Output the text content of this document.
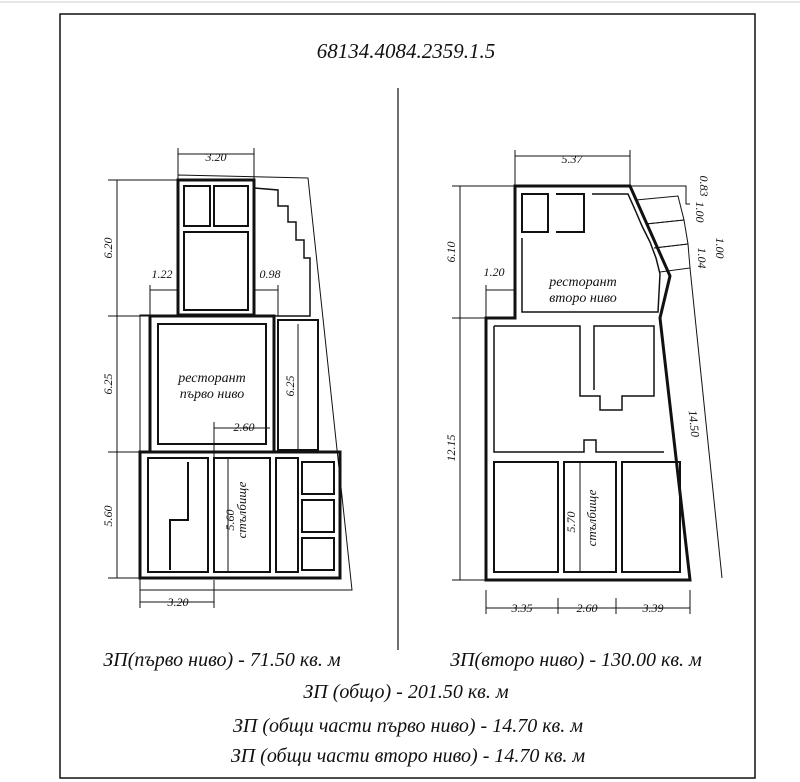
68134.4084.2359.1.5
ресторант
първо ниво
стълбище
3.20
6.20
1.22	0.98
6.25	6.25
2.60
5.60	5.60
3.20
ресторант
второ ниво
стълбище
5.37
0.83
1.00
1.04 1.00
6.10
1.20
12.15
14.50
5.70
3.35	2.60	3.39
ЗП(първо ниво) - 71.50 кв. м	ЗП(второ ниво) - 130.00 кв. м
ЗП (общо) - 201.50 кв. м
ЗП (общи части първо ниво) - 14.70 кв. м
ЗП (общи части второ ниво) - 14.70 кв. м
